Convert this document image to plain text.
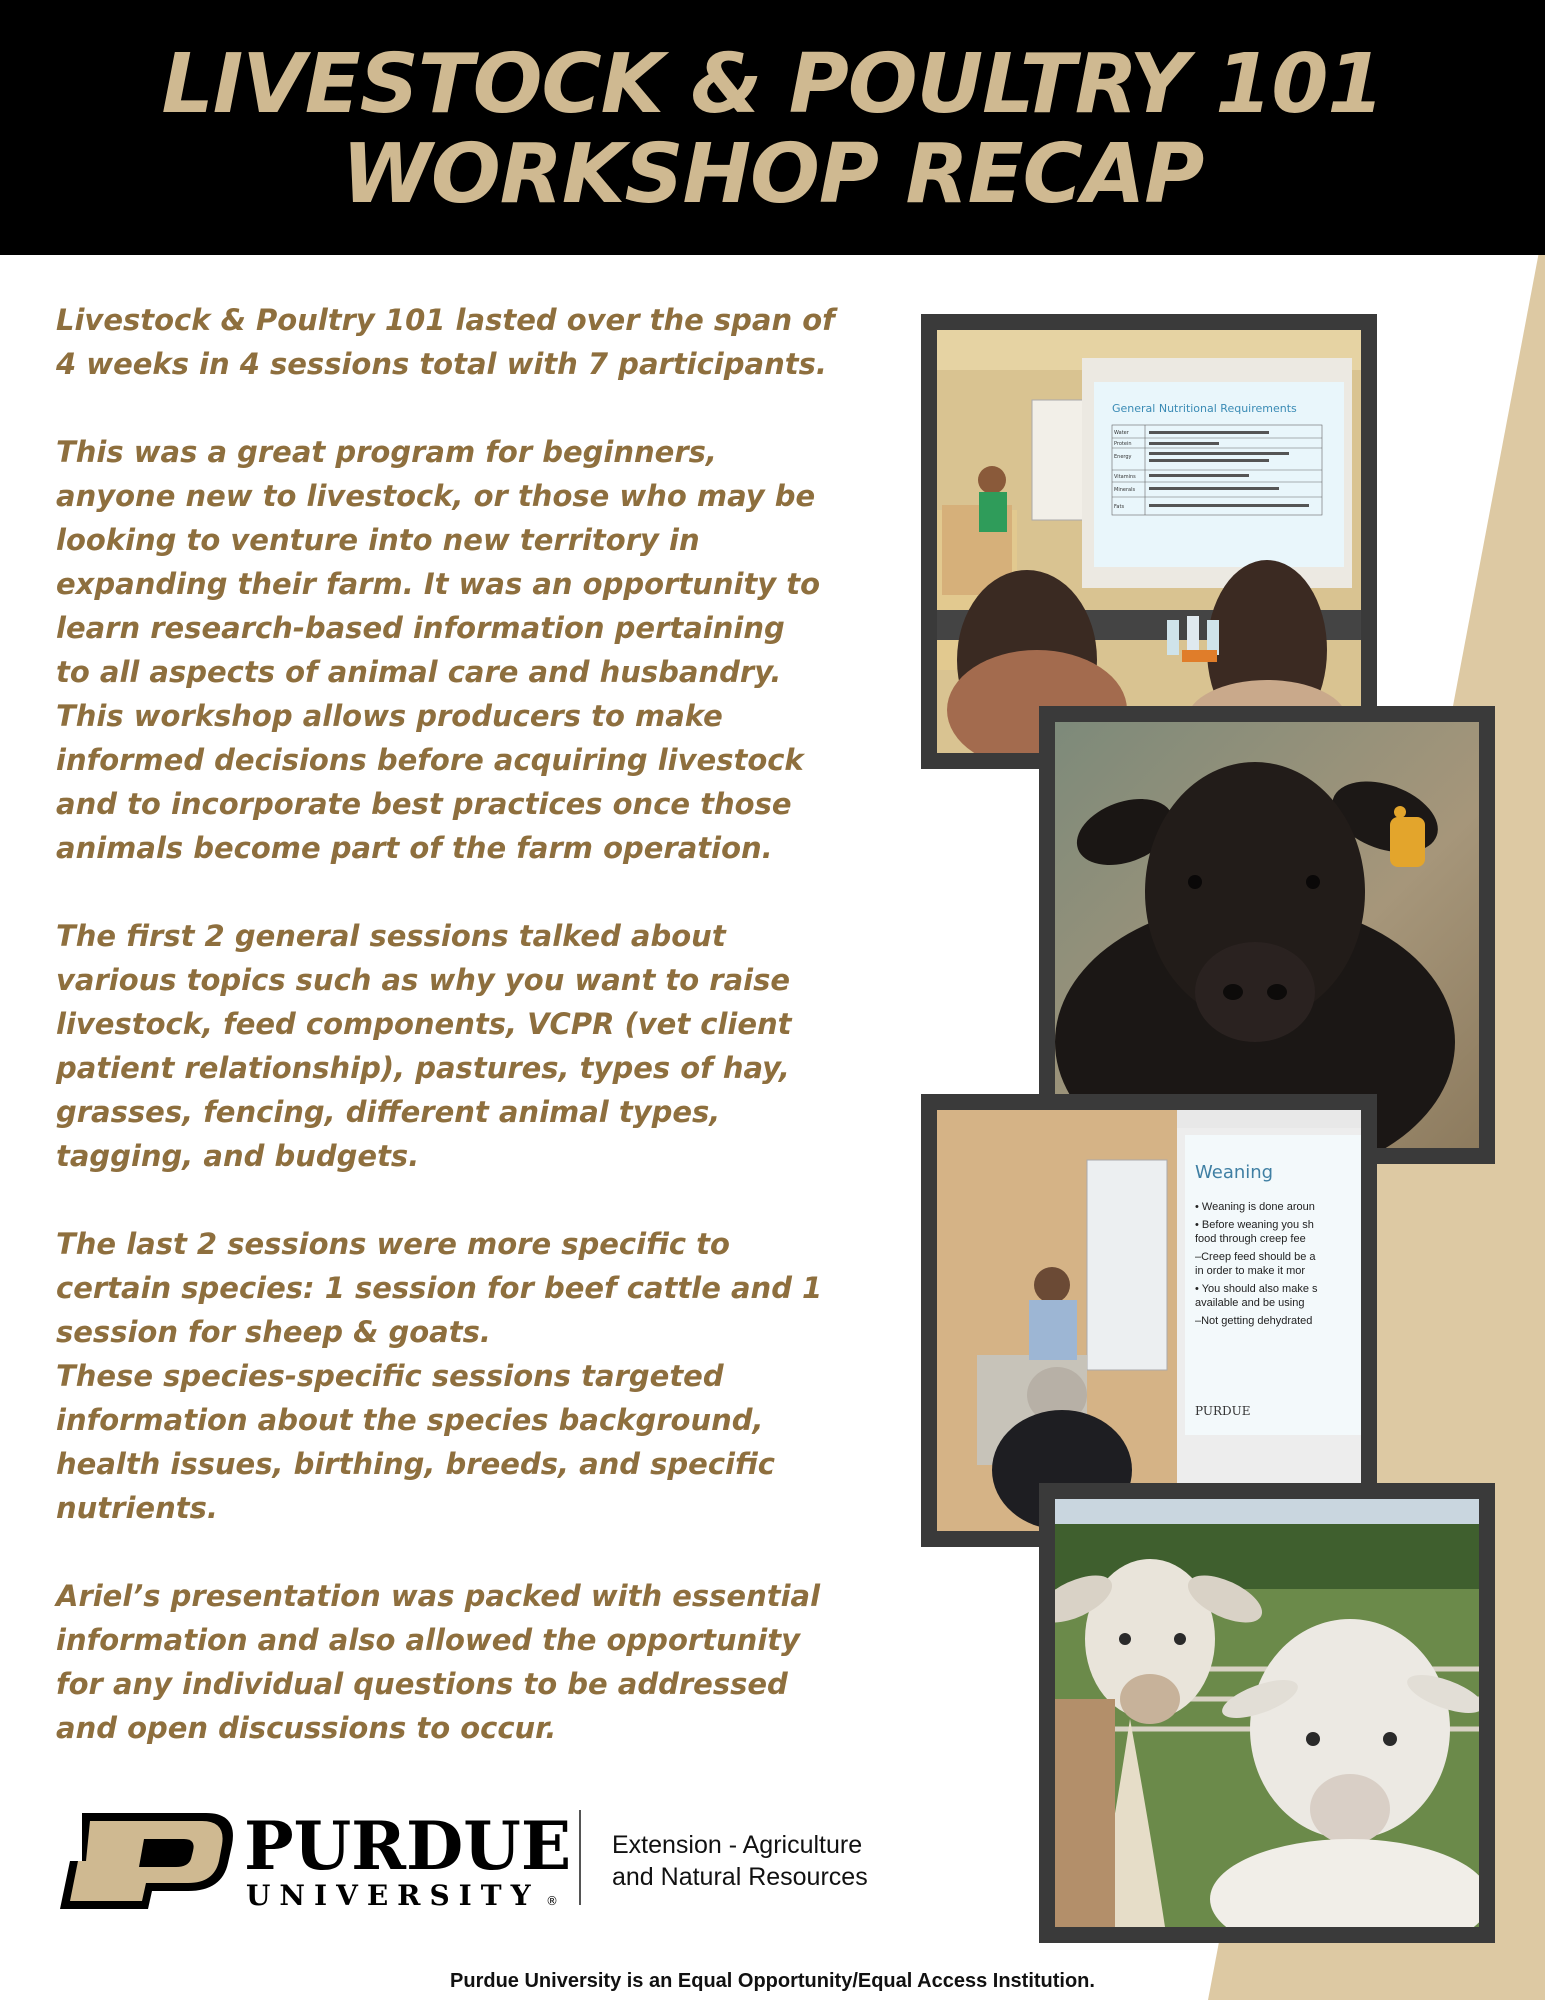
LIVESTOCK & POULTRY 101
WORKSHOP RECAP

Livestock & Poultry 101 lasted over the span of
4 weeks in 4 sessions total with 7 participants.

This was a great program for beginners,
anyone new to livestock, or those who may be
looking to venture into new territory in
expanding their farm. It was an opportunity to
learn research-based information pertaining
to all aspects of animal care and husbandry.
This workshop allows producers to make
informed decisions before acquiring livestock
and to incorporate best practices once those
animals become part of the farm operation.

The first 2 general sessions talked about
various topics such as why you want to raise
livestock, feed components, VCPR (vet client
patient relationship), pastures, types of hay,
grasses, fencing, different animal types,
tagging, and budgets.

The last 2 sessions were more specific to
certain species: 1 session for beef cattle and 1
session for sheep & goats.
These species-specific sessions targeted
information about the species background,
health issues, birthing, breeds, and specific
nutrients.

Ariel’s presentation was packed with essential
information and also allowed the opportunity
for any individual questions to be addressed
and open discussions to occur.

General Nutritional Requirements
Water
Protein
Energy
Vitamins
Minerals
Fats
Weaning
• Weaning is done aroun
• Before weaning you sh
food through creep fee
–Creep feed should be a
in order to make it mor
• You should also make s
available and be using
–Not getting dehydrated
PURDUE
PURDUE
UNIVERSITY ®
Extension - Agriculture
and Natural Resources
Purdue University is an Equal Opportunity/Equal Access Institution.
